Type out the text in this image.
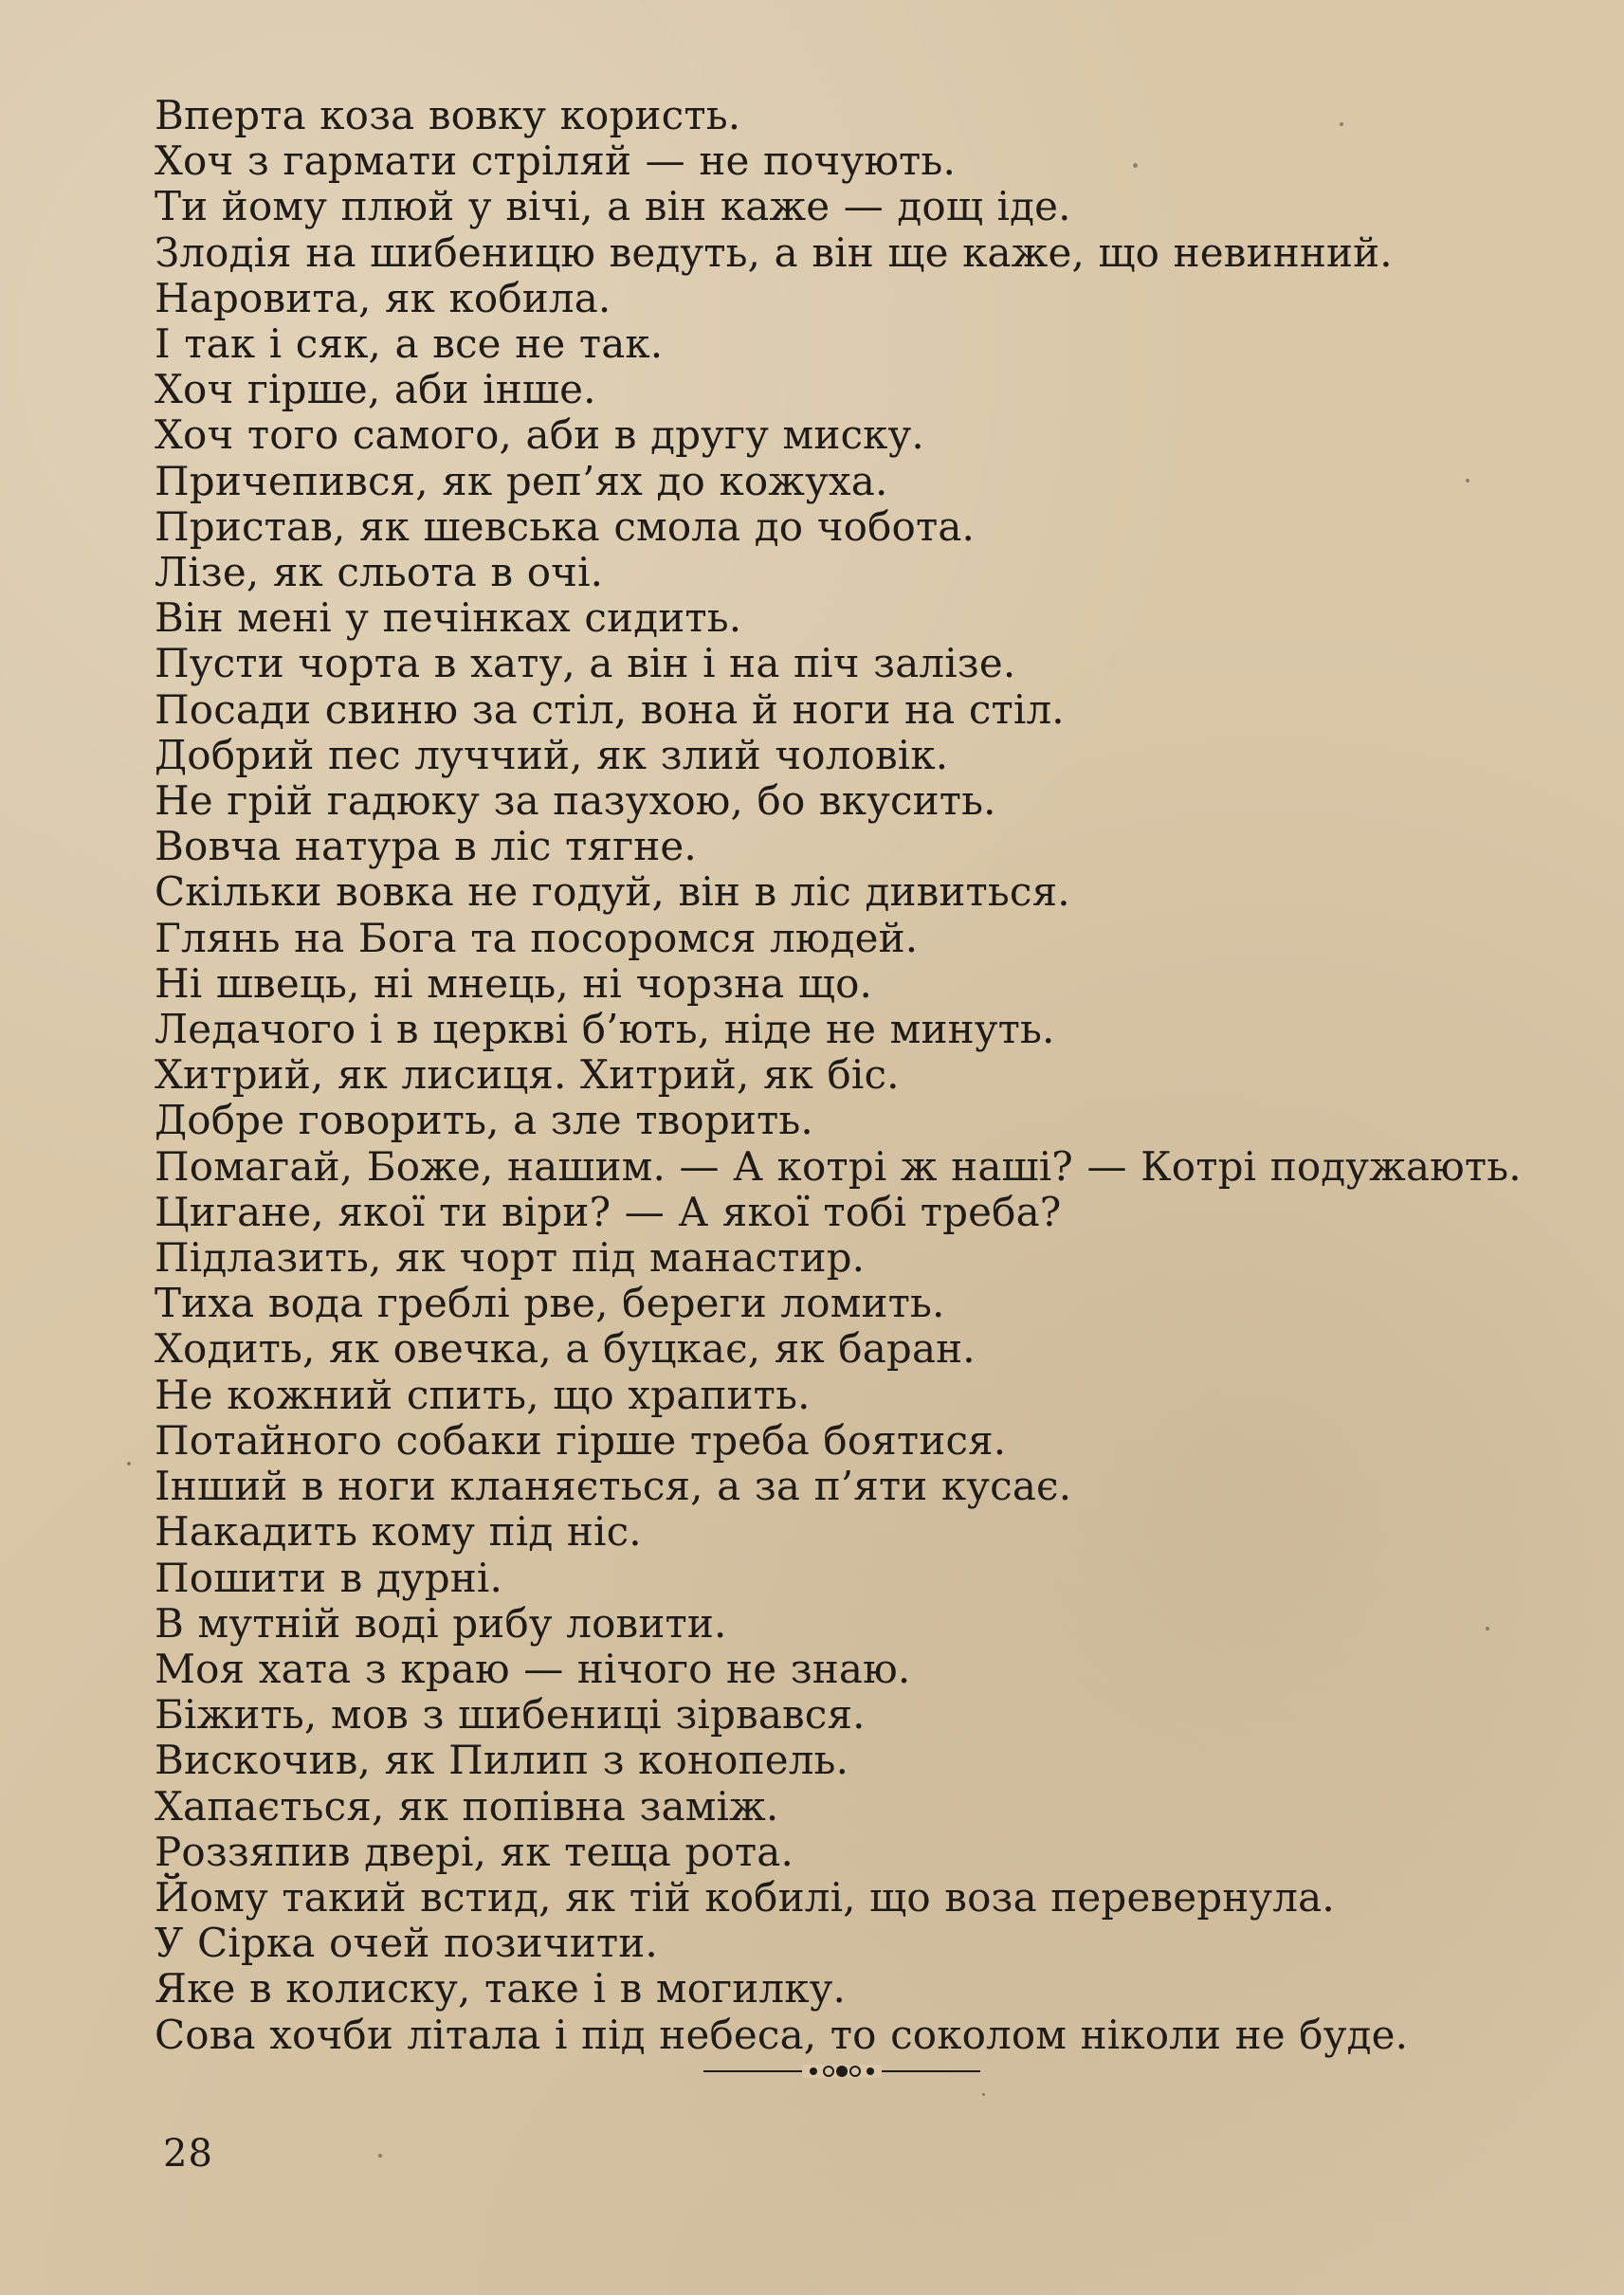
Вперта коза вовку користь.
Хоч з гармати стріляй — не почують.
Ти йому плюй у вічі, а він каже — дощ іде.
Злодія на шибеницю ведуть, а він ще каже, що невинний.
Наровита, як кобила.
І так і сяк, а все не так.
Хоч гірше, аби інше.
Хоч того самого, аби в другу миску.
Причепився, як реп’ях до кожуха.
Пристав, як шевська смола до чобота.
Лізе, як сльота в очі.
Він мені у печінках сидить.
Пусти чорта в хату, а він і на піч залізе.
Посади свиню за стіл, вона й ноги на стіл.
Добрий пес луччий, як злий чоловік.
Не грій гадюку за пазухою, бо вкусить.
Вовча натура в ліс тягне.
Скільки вовка не годуй, він в ліс дивиться.
Глянь на Бога та посоромся людей.
Ні швець, ні мнець, ні чорзна що.
Ледачого і в церкві б’ють, ніде не минуть.
Хитрий, як лисиця. Хитрий, як біс.
Добре говорить, а зле творить.
Помагай, Боже, нашим. — А котрі ж наші? — Котрі подужають.
Цигане, якої ти віри? — А якої тобі треба?
Підлазить, як чорт під манастир.
Тиха вода греблі рве, береги ломить.
Ходить, як овечка, а буцкає, як баран.
Не кожний спить, що храпить.
Потайного собаки гірше треба боятися.
Інший в ноги кланяється, а за п’яти кусає.
Накадить кому під ніс.
Пошити в дурні.
В мутній воді рибу ловити.
Моя хата з краю — нічого не знаю.
Біжить, мов з шибениці зірвався.
Вискочив, як Пилип з конопель.
Хапається, як попівна заміж.
Роззяпив двері, як теща рота.
Йому такий встид, як тій кобилі, що воза перевернула.
У Сірка очей позичити.
Яке в колиску, таке і в могилку.
Сова хочби літала і під небеса, то соколом ніколи не буде.
28
